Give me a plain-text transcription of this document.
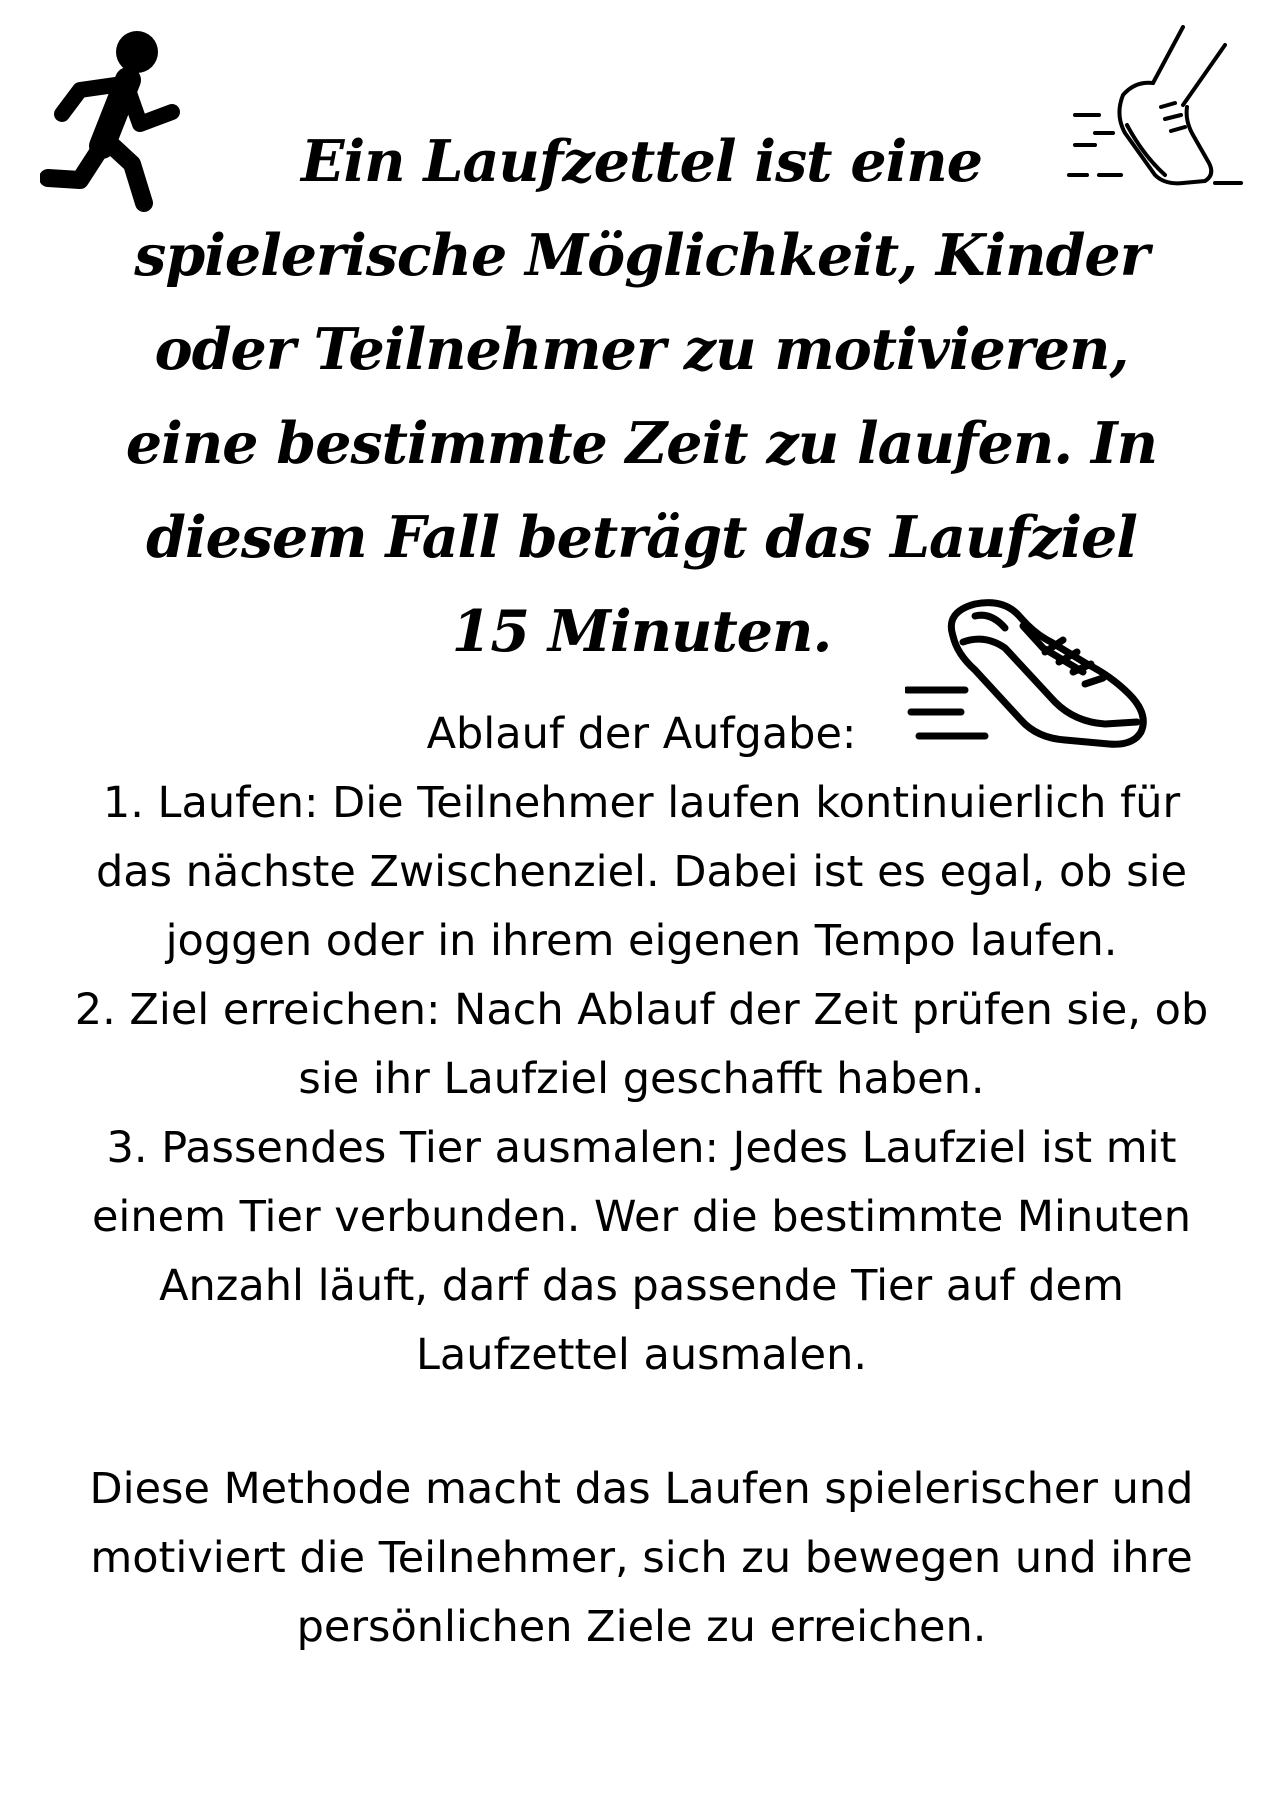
Ein Laufzettel ist eine
spielerische Möglichkeit, Kinder
oder Teilnehmer zu motivieren,
eine bestimmte Zeit zu laufen. In
diesem Fall beträgt das Laufziel
15 Minuten.
Ablauf der Aufgabe:
1. Laufen: Die Teilnehmer laufen kontinuierlich für
das nächste Zwischenziel. Dabei ist es egal, ob sie
joggen oder in ihrem eigenen Tempo laufen.
2. Ziel erreichen: Nach Ablauf der Zeit prüfen sie, ob
sie ihr Laufziel geschafft haben.
3. Passendes Tier ausmalen: Jedes Laufziel ist mit
einem Tier verbunden. Wer die bestimmte Minuten
Anzahl läuft, darf das passende Tier auf dem
Laufzettel ausmalen.
Diese Methode macht das Laufen spielerischer und
motiviert die Teilnehmer, sich zu bewegen und ihre
persönlichen Ziele zu erreichen.
